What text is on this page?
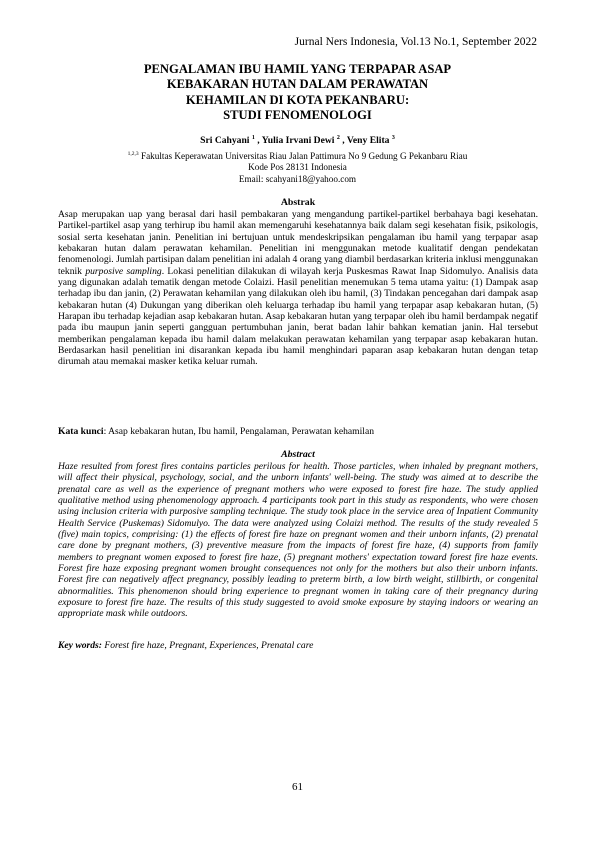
Jurnal Ners Indonesia, Vol.13 No.1, September 2022
PENGALAMAN IBU HAMIL YANG TERPAPAR ASAP
KEBAKARAN HUTAN DALAM PERAWATAN
KEHAMILAN DI KOTA PEKANBARU:
STUDI FENOMENOLOGI
Sri Cahyani $^1$ , Yulia Irvani Dewi $^2$ , Veny Elita $^3$
$^{1,2,3}$ Fakultas Keperawatan Universitas Riau Jalan Pattimura No 9 Gedung G Pekanbaru Riau
Kode Pos 28131 Indonesia
Email: scahyani18@yahoo.com
Abstrak

Asap merupakan uap yang berasal dari hasil pembakaran yang mengandung partikel-partikel berbahaya bagi kesehatan. Partikel-partikel asap yang terhirup ibu hamil akan memengaruhi kesehatannya baik dalam segi kesehatan fisik, psikologis, sosial serta kesehatan janin. Penelitian ini bertujuan untuk mendeskripsikan pengalaman ibu hamil yang terpapar asap kebakaran hutan dalam perawatan kehamilan. Penelitian ini menggunakan metode kualitatif dengan pendekatan fenomenologi. Jumlah partisipan dalam penelitian ini adalah 4 orang yang diambil berdasarkan kriteria inklusi menggunakan teknik purposive sampling. Lokasi penelitian dilakukan di wilayah kerja Puskesmas Rawat Inap Sidomulyo. Analisis data yang digunakan adalah tematik dengan metode Colaizi. Hasil penelitian menemukan 5 tema utama yaitu: (1) Dampak asap terhadap ibu dan janin, (2) Perawatan kehamilan yang dilakukan oleh ibu hamil, (3) Tindakan pencegahan dari dampak asap kebakaran hutan (4) Dukungan yang diberikan oleh keluarga terhadap ibu hamil yang terpapar asap kebakaran hutan, (5) Harapan ibu terhadap kejadian asap kebakaran hutan. Asap kebakaran hutan yang terpapar oleh ibu hamil berdampak negatif pada ibu maupun janin seperti gangguan pertumbuhan janin, berat badan lahir bahkan kematian janin. Hal tersebut memberikan pengalaman kepada ibu hamil dalam melakukan perawatan kehamilan yang terpapar asap kebakaran hutan. Berdasarkan hasil penelitian ini disarankan kepada ibu hamil menghindari paparan asap kebakaran hutan dengan tetap dirumah atau memakai masker ketika keluar rumah.

Kata kunci: Asap kebakaran hutan, Ibu hamil, Pengalaman, Perawatan kehamilan

Abstract

Haze resulted from forest fires contains particles perilous for health. Those particles, when inhaled by pregnant mothers, will affect their physical, psychology, social, and the unborn infants' well-being. The study was aimed at to describe the prenatal care as well as the experience of pregnant mothers who were exposed to forest fire haze. The study applied qualitative method using phenomenology approach. 4 participants took part in this study as respondents, who were chosen using inclusion criteria with purposive sampling technique. The study took place in the service area of Inpatient Community Health Service (Puskemas) Sidomulyo. The data were analyzed using Colaizi method. The results of the study revealed 5 (five) main topics, comprising: (1) the effects of forest fire haze on pregnant women and their unborn infants, (2) prenatal care done by pregnant mothers, (3) preventive measure from the impacts of forest fire haze, (4) supports from family members to pregnant women exposed to forest fire haze, (5) pregnant mothers' expectation toward forest fire haze events. Forest fire haze exposing pregnant women brought consequences not only for the mothers but also their unborn infants. Forest fire can negatively affect pregnancy, possibly leading to preterm birth, a low birth weight, stillbirth, or congenital abnormalities. This phenomenon should bring experience to pregnant women in taking care of their pregnancy during exposure to forest fire haze. The results of this study suggested to avoid smoke exposure by staying indoors or wearing an appropriate mask while outdoors.

Key words: Forest fire haze, Pregnant, Experiences, Prenatal care

61
